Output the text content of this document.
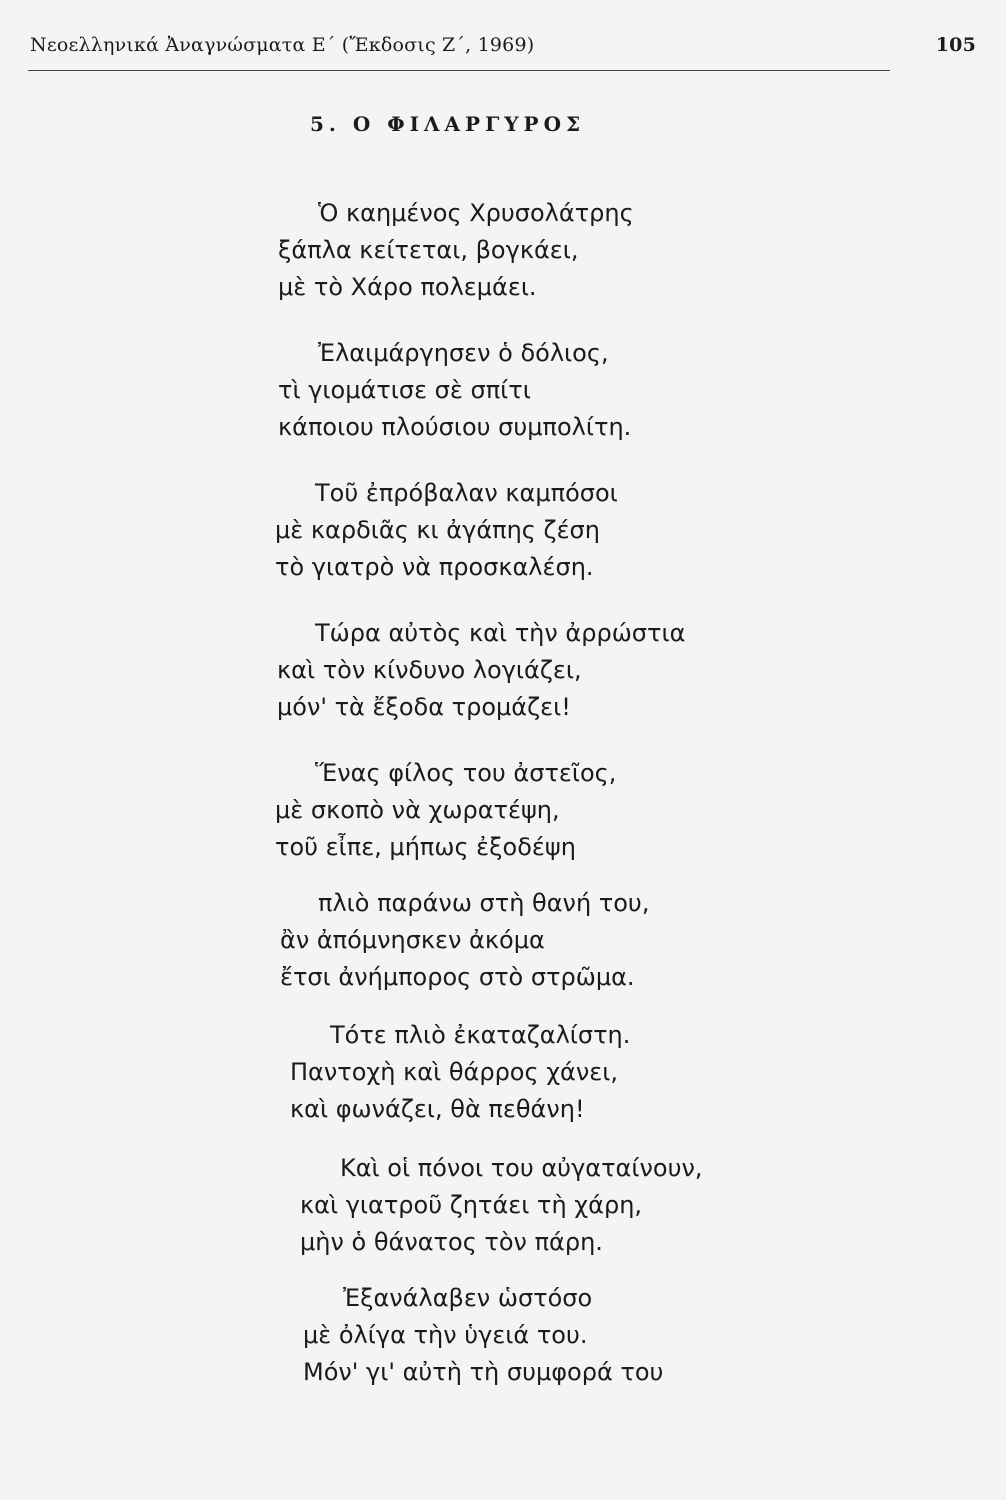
Νεοελληνικά Ἀναγνώσματα Ε΄ (Ἔκδοσις Ζ΄, 1969)	105
5. Ο ΦΙΛΑΡΓΥΡΟΣ
Ὁ καημένος Χρυσολάτρης
ξάπλα κείτεται, βογκάει,
μὲ τὸ Χάρο πολεμάει.
Ἐλαιμάργησεν ὁ δόλιος,
τὶ γιομάτισε σὲ σπίτι
κάποιου πλούσιου συμπολίτη.
Τοῦ ἐπρόβαλαν καμπόσοι
μὲ καρδιᾶς κι ἀγάπης ζέση
τὸ γιατρὸ νὰ προσκαλέση.
Τώρα αὐτὸς καὶ τὴν ἀρρώστια
καὶ τὸν κίνδυνο λογιάζει,
μόν' τὰ ἔξοδα τρομάζει!
Ἕνας φίλος του ἀστεῖος,
μὲ σκοπὸ νὰ χωρατέψη,
τοῦ εἶπε, μήπως ἐξοδέψη
πλιὸ παράνω στὴ θανή του,
ἂν ἀπόμνησκεν ἀκόμα
ἔτσι ἀνήμπορος στὸ στρῶμα.
Τότε πλιὸ ἐκαταζαλίστη.
Παντοχὴ καὶ θάρρος χάνει,
καὶ φωνάζει, θὰ πεθάνη!
Καὶ οἱ πόνοι του αὐγαταίνουν,
καὶ γιατροῦ ζητάει τὴ χάρη,
μὴν ὁ θάνατος τὸν πάρη.
Ἐξανάλαβεν ὡστόσο
μὲ ὀλίγα τὴν ὑγειά του.
Μόν' γι' αὐτὴ τὴ συμφορά του
